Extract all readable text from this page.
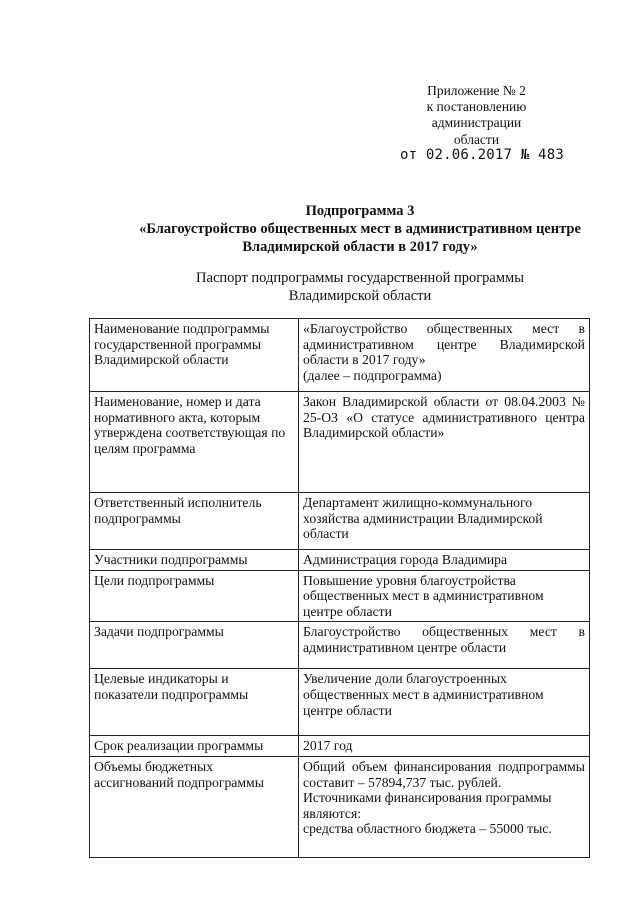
Приложение № 2
к постановлению
администрации
области
от 02.06.2017 № 483
Подпрограмма 3
«Благоустройство общественных мест в административном центре
Владимирской области в 2017 году»
Паспорт подпрограммы государственной программы
Владимирской области
Наименование подпрограммы государственной программы Владимирской области	«Благоустройство общественных мест в административном центре Владимирской области в 2017 году»
(далее – подпрограмма)

Наименование, номер и дата нормативного акта, которым утверждена соответствующая по целям программа	Закон Владимирской области от 08.04.2003 № 25-ОЗ «О статусе административного центра Владимирской области»
Ответственный исполнитель подпрограммы	Департамент жилищно-коммунального хозяйства администрации Владимирской области
Участники подпрограммы	Администрация города Владимира
Цели подпрограммы	Повышение уровня благоустройства общественных мест в административном центре области
Задачи подпрограммы	Благоустройство общественных мест в административном центре области
Целевые индикаторы и показатели подпрограммы	Увеличение доли благоустроенных общественных мест в административном центре области
Срок реализации программы	2017 год
Объемы бюджетных ассигнований подпрограммы	Общий объем финансирования подпрограммы составит – 57894,737 тыс. рублей.
Источниками финансирования программы являются:
средства областного бюджета – 55000 тыс.
